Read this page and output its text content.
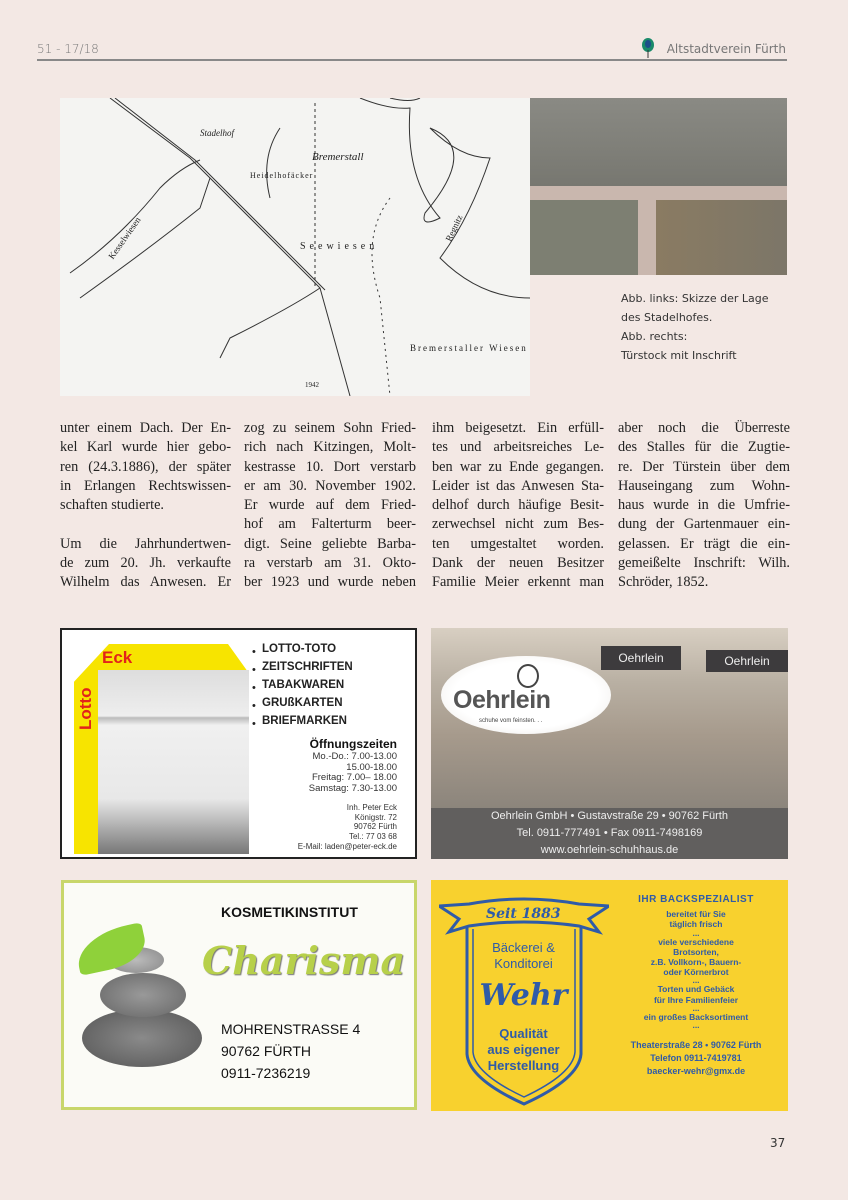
51 - 17/18	Altstadtverein Fürth
Stadelhof
Bremerstall
Heidelhofäcker
Seewiesen
Regnitz
Kesselwiesen
Bremerstaller Wiesen
1942
Abb. links: Skizze der Lage
des Stadelhofes.
Abb. rechts:
Türstock mit Inschrift
unter einem Dach. Der En-
kel Karl wurde hier gebo-
ren (24.3.1886), der später
in Erlangen Rechtswissen-
schaften studierte.
Um die Jahrhundertwen-
de zum 20. Jh. verkaufte
Wilhelm das Anwesen. Er
zog zu seinem Sohn Fried-
rich nach Kitzingen, Molt-
kestrasse 10. Dort verstarb
er am 30. November 1902.
Er wurde auf dem Fried-
hof am Falterturm beer-
digt. Seine geliebte Barba-
ra verstarb am 31. Okto-
ber 1923 und wurde neben
ihm beigesetzt. Ein erfüll-
tes und arbeitsreiches Le-
ben war zu Ende gegangen.
Leider ist das Anwesen Sta-
delhof durch häufige Besit-
zerwechsel nicht zum Bes-
ten umgestaltet worden.
Dank der neuen Besitzer
Familie Meier erkennt man
aber noch die Überreste
des Stalles für die Zugtie-
re. Der Türstein über dem
Hauseingang zum Wohn-
haus wurde in die Umfrie-
dung der Gartenmauer ein-
gelassen. Er trägt die ein-
gemeißelte Inschrift: Wilh.
Schröder, 1852.
Eck
Lotto
LOTTO-TOTO
ZEITSCHRIFTEN
TABAKWAREN
GRUßKARTEN
BRIEFMARKEN
•
•
•
•
•
Öffnungszeiten
Mo.-Do.: 7.00-13.00
15.00-18.00
Freitag: 7.00– 18.00
Samstag: 7.30-13.00
Inh. Peter Eck
Königstr. 72
90762 Fürth
Tel.: 77 03 68
E-Mail: laden@peter-eck.de
Oehrlein	Oehrlein
Oehrlein
schuhe vom feinsten. . .
Oehrlein GmbH • Gustavstraße 29 • 90762 Fürth
Tel. 0911-777491 • Fax 0911-7498169
www.oehrlein-schuhhaus.de
KOSMETIKINSTITUT
Charisma
MOHRENSTRASSE 4
90762 FÜRTH
0911-7236219
Seit 1883
Bäckerei &
Konditorei
Wehr
Qualität
aus eigener
Herstellung
IHR BACKSPEZIALIST
bereitet für Sie
täglich frisch
...
viele verschiedene
Brotsorten,
z.B. Vollkorn-, Bauern-
oder Körnerbrot
...
Torten und Gebäck
für Ihre Familienfeier
...
ein großes Backsortiment
...
Theaterstraße 28 • 90762 Fürth
Telefon 0911-7419781
baecker-wehr@gmx.de
37
